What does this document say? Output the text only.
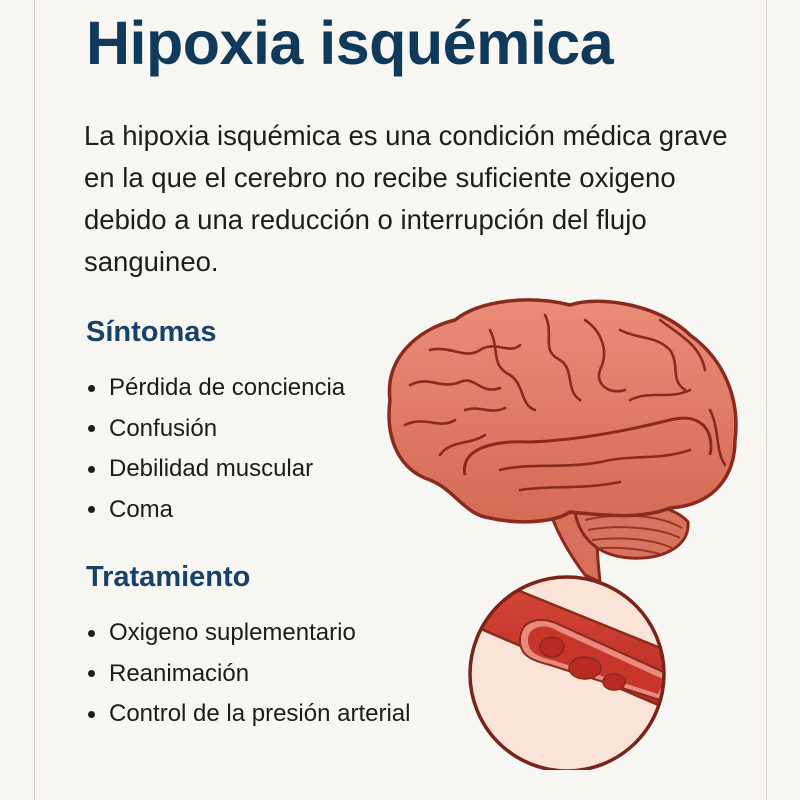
Hipoxia isquémica

La hipoxia isquémica es una condición médica grave en la que el cerebro no recibe suficiente oxigeno debido a una reducción o interrupción del flujo sanguineo.

Síntomas
Pérdida de conciencia
Confusión
Debilidad muscular
Coma
Tratamiento
Oxigeno suplementario
Reanimación
Control de la presión arterial
